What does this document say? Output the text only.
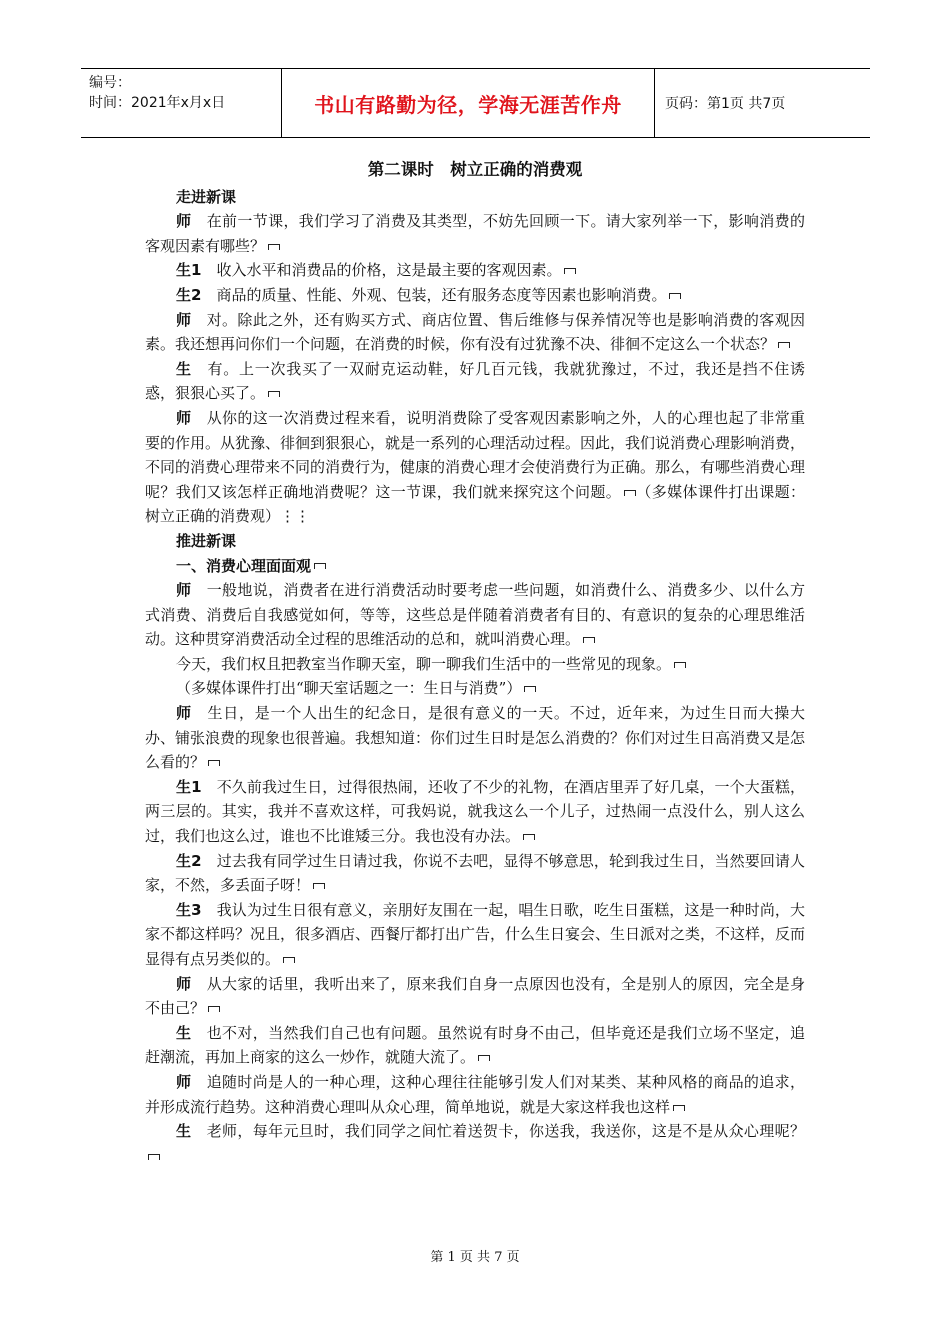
编号：
时间：2021年x月x日	书山有路勤为径，学海无涯苦作舟	页码：第1页 共7页
第二课时　树立正确的消费观
走进新课
师　在前一节课，我们学习了消费及其类型，不妨先回顾一下。请大家列举一下，影响消费的客观因素有哪些？
生1　收入水平和消费品的价格，这是最主要的客观因素。
生2　商品的质量、性能、外观、包装，还有服务态度等因素也影响消费。
师　对。除此之外，还有购买方式、商店位置、售后维修与保养情况等也是影响消费的客观因素。我还想再问你们一个问题，在消费的时候，你有没有过犹豫不决、徘徊不定这么一个状态？
生　有。上一次我买了一双耐克运动鞋，好几百元钱，我就犹豫过，不过，我还是挡不住诱惑，狠狠心买了。
师　从你的这一次消费过程来看，说明消费除了受客观因素影响之外，人的心理也起了非常重要的作用。从犹豫、徘徊到狠狠心，就是一系列的心理活动过程。因此，我们说消费心理影响消费，不同的消费心理带来不同的消费行为，健康的消费心理才会使消费行为正确。那么，有哪些消费心理呢？我们又该怎样正确地消费呢？这一节课，我们就来探究这个问题。 （多媒体课件打出课题：树立正确的消费观）⋮⋮
推进新课
一、消费心理面面观
师　一般地说，消费者在进行消费活动时要考虑一些问题，如消费什么、消费多少、以什么方式消费、消费后自我感觉如何，等等，这些总是伴随着消费者有目的、有意识的复杂的心理思维活动。这种贯穿消费活动全过程的思维活动的总和，就叫消费心理。
今天，我们权且把教室当作聊天室，聊一聊我们生活中的一些常见的现象。
（多媒体课件打出“聊天室话题之一：生日与消费”）
师　生日，是一个人出生的纪念日，是很有意义的一天。不过，近年来，为过生日而大操大办、铺张浪费的现象也很普遍。我想知道：你们过生日时是怎么消费的？你们对过生日高消费又是怎么看的？
生1　不久前我过生日，过得很热闹，还收了不少的礼物，在酒店里弄了好几桌，一个大蛋糕，两三层的。其实，我并不喜欢这样，可我妈说，就我这么一个儿子，过热闹一点没什么，别人这么过，我们也这么过，谁也不比谁矮三分。我也没有办法。
生2　过去我有同学过生日请过我，你说不去吧，显得不够意思，轮到我过生日，当然要回请人家，不然，多丢面子呀！
生3　我认为过生日很有意义，亲朋好友围在一起，唱生日歌，吃生日蛋糕，这是一种时尚，大家不都这样吗？况且，很多酒店、西餐厅都打出广告，什么生日宴会、生日派对之类，不这样，反而显得有点另类似的。
师　从大家的话里，我听出来了，原来我们自身一点原因也没有，全是别人的原因，完全是身不由己？
生　也不对，当然我们自己也有问题。虽然说有时身不由己，但毕竟还是我们立场不坚定，追赶潮流，再加上商家的这么一炒作，就随大流了。
师　追随时尚是人的一种心理，这种心理往往能够引发人们对某类、某种风格的商品的追求，并形成流行趋势。这种消费心理叫从众心理，简单地说，就是大家这样我也这样
生　老师，每年元旦时，我们同学之间忙着送贺卡，你送我，我送你，这是不是从众心理呢？
第 1 页 共 7 页
